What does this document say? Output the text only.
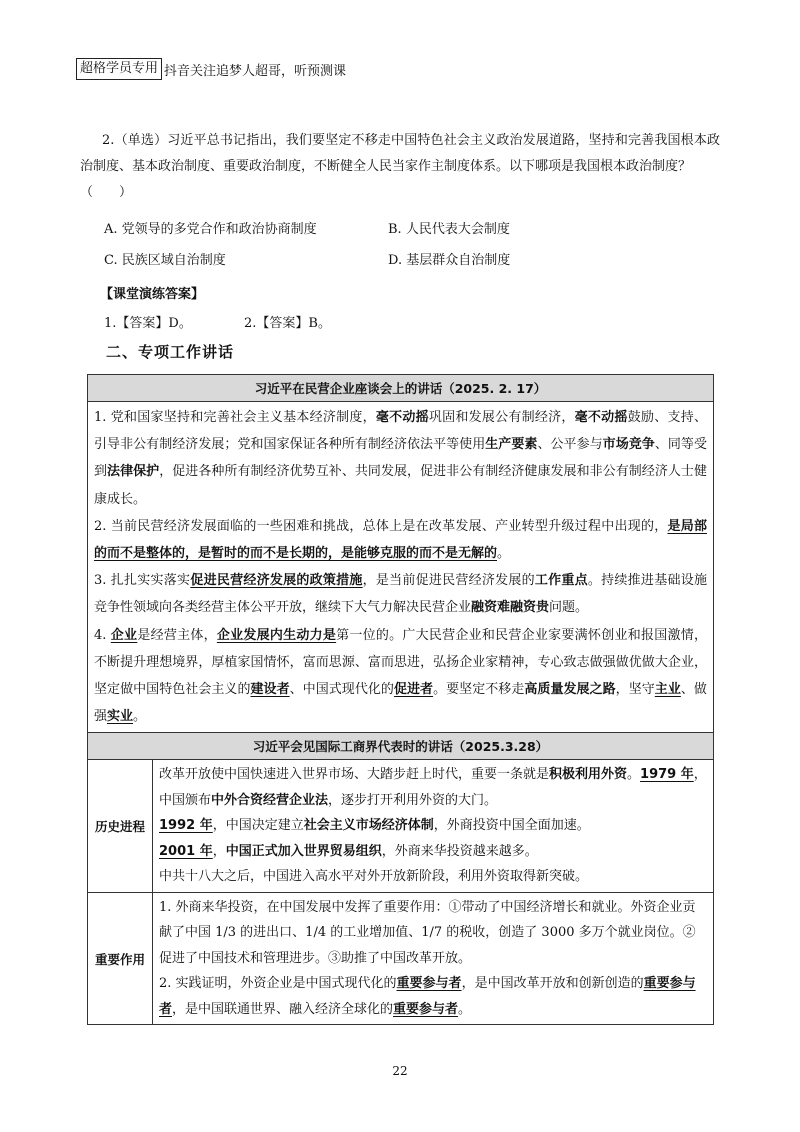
超格学员专用 抖音关注追梦人超哥，听预测课
2.（单选）习近平总书记指出，我们要坚定不移走中国特色社会主义政治发展道路，坚持和完善我国根本政治制度、基本政治制度、重要政治制度，不断健全人民当家作主制度体系。以下哪项是我国根本政治制度？
（　　）
A. 党领导的多党合作和政治协商制度	B. 人民代表大会制度
C. 民族区域自治制度	D. 基层群众自治制度
【课堂演练答案】
1.【答案】D。	2.【答案】B。
二、专项工作讲话
习近平在民营企业座谈会上的讲话（2025. 2. 17）	

1. 党和国家坚持和完善社会主义基本经济制度，毫不动摇巩固和发展公有制经济，毫不动摇鼓励、支持、引导非公有制经济发展；党和国家保证各种所有制经济依法平等使用生产要素、公平参与市场竞争、同等受到法律保护，促进各种所有制经济优势互补、共同发展，促进非公有制经济健康发展和非公有制经济人士健康成长。

2. 当前民营经济发展面临的一些困难和挑战，总体上是在改革发展、产业转型升级过程中出现的，是局部的而不是整体的，是暂时的而不是长期的，是能够克服的而不是无解的。

3. 扎扎实实落实促进民营经济发展的政策措施，是当前促进民营经济发展的工作重点。持续推进基础设施竞争性领域向各类经营主体公平开放，继续下大气力解决民营企业融资难融资贵问题。

4. 企业是经营主体，企业发展内生动力是第一位的。广大民营企业和民营企业家要满怀创业和报国激情，不断提升理想境界，厚植家国情怀，富而思源、富而思进，弘扬企业家精神，专心致志做强做优做大企业，坚定做中国特色社会主义的建设者、中国式现代化的促进者。要坚定不移走高质量发展之路，坚守主业、做强实业。	

习近平会见国际工商界代表时的讲话（2025.3.28）	
历史进程	改革开放使中国快速进入世界市场、大踏步赶上时代，重要一条就是积极利用外资。1979 年，中国颁布中外合资经营企业法，逐步打开利用外资的大门。

1992 年，中国决定建立社会主义市场经济体制，外商投资中国全面加速。

2001 年，中国正式加入世界贸易组织，外商来华投资越来越多。

中共十八大之后，中国进入高水平对外开放新阶段，利用外资取得新突破。

重要作用	1. 外商来华投资，在中国发展中发挥了重要作用：①带动了中国经济增长和就业。外资企业贡献了中国 1/3 的进出口、1/4 的工业增加值、1/7 的税收，创造了 3000 多万个就业岗位。②促进了中国技术和管理进步。③助推了中国改革开放。

2. 实践证明，外资企业是中国式现代化的重要参与者，是中国改革开放和创新创造的重要参与者，是中国联通世界、融入经济全球化的重要参与者。

22
